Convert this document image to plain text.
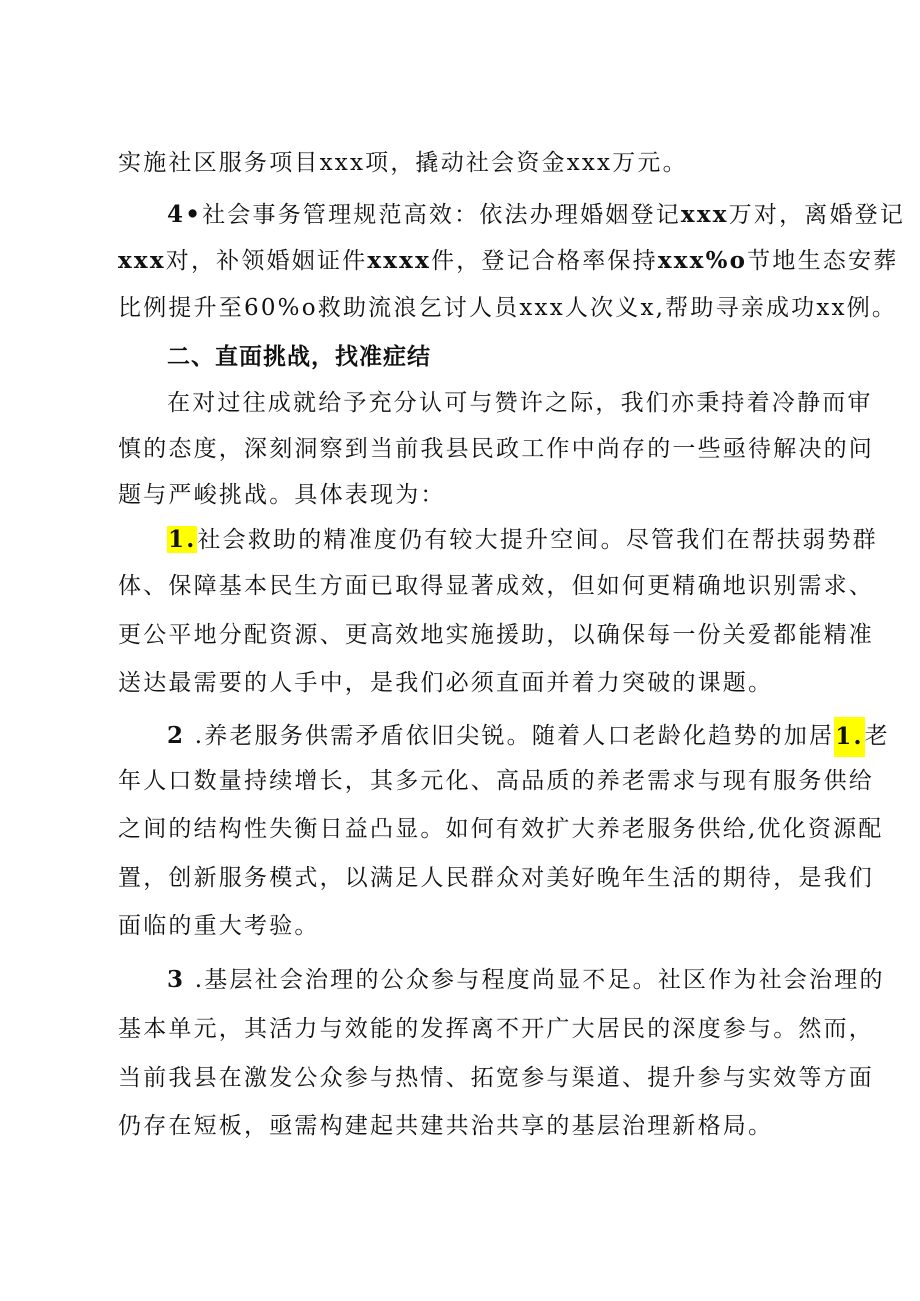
实施社区服务项目xxx项，撬动社会资金xxx万元。
4•社会事务管理规范高效：依法办理婚姻登记xxx万对，离婚登记
xxx对，补领婚姻证件xxxx件，登记合格率保持xxx%o节地生态安葬
比例提升至60%o救助流浪乞讨人员xxx人次义x,帮助寻亲成功xx例。
二、直面挑战，找准症结
在对过往成就给予充分认可与赞许之际，我们亦秉持着冷静而审
慎的态度，深刻洞察到当前我县民政工作中尚存的一些亟待解决的问
题与严峻挑战。具体表现为：
1.社会救助的精准度仍有较大提升空间。尽管我们在帮扶弱势群
体、保障基本民生方面已取得显著成效，但如何更精确地识别需求、
更公平地分配资源、更高效地实施援助，以确保每一份关爱都能精准
送达最需要的人手中，是我们必须直面并着力突破的课题。
2 .养老服务供需矛盾依旧尖锐。随着人口老龄化趋势的加居1.老
年人口数量持续增长，其多元化、高品质的养老需求与现有服务供给
之间的结构性失衡日益凸显。如何有效扩大养老服务供给,优化资源配
置，创新服务模式，以满足人民群众对美好晚年生活的期待，是我们
面临的重大考验。
3 .基层社会治理的公众参与程度尚显不足。社区作为社会治理的
基本单元，其活力与效能的发挥离不开广大居民的深度参与。然而，
当前我县在激发公众参与热情、拓宽参与渠道、提升参与实效等方面
仍存在短板，亟需构建起共建共治共享的基层治理新格局。
